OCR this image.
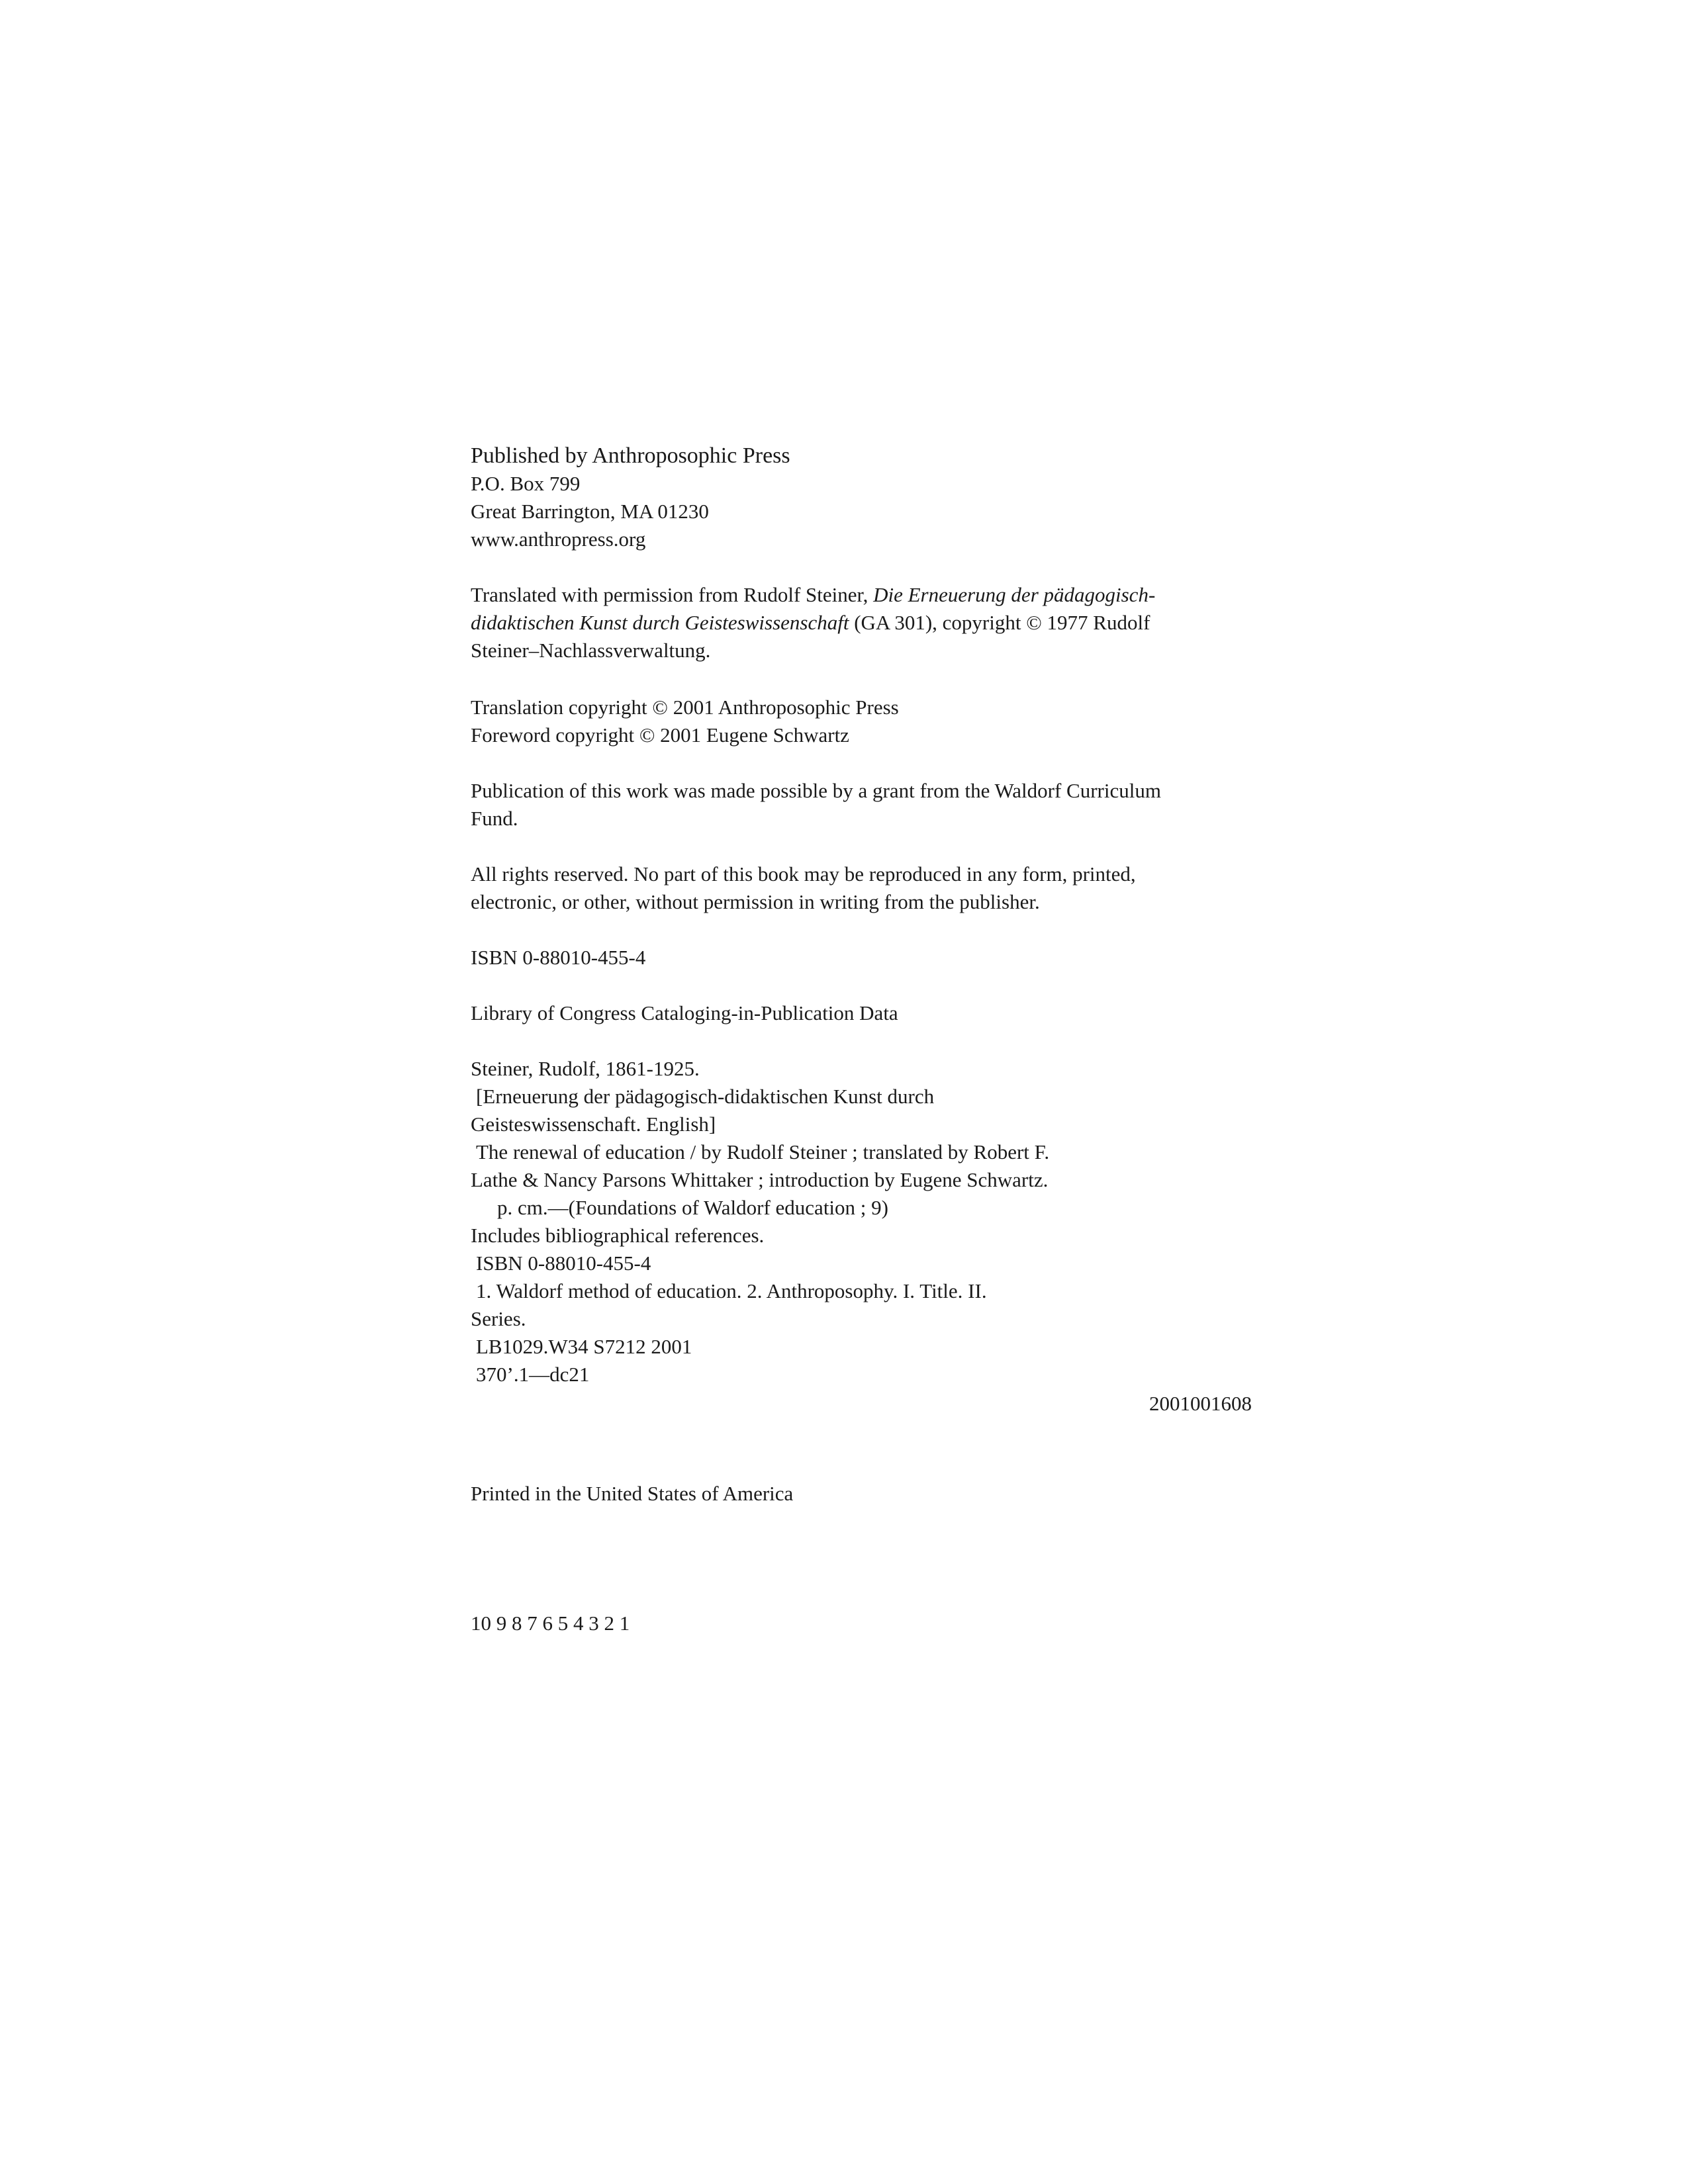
Published by Anthroposophic Press
P.O. Box 799
Great Barrington, MA 01230
www.anthropress.org
Translated with permission from Rudolf Steiner, Die Erneuerung der pädagogisch-
didaktischen Kunst durch Geisteswissenschaft (GA 301), copyright © 1977 Rudolf
Steiner–Nachlassverwaltung.
Translation copyright © 2001 Anthroposophic Press
Foreword copyright © 2001 Eugene Schwartz
Publication of this work was made possible by a grant from the Waldorf Curriculum
Fund.
All rights reserved. No part of this book may be reproduced in any form, printed,
electronic, or other, without permission in writing from the publisher.
ISBN 0-88010-455-4
Library of Congress Cataloging-in-Publication Data
Steiner, Rudolf, 1861-1925.
[Erneuerung der pädagogisch-didaktischen Kunst durch
Geisteswissenschaft. English]
The renewal of education / by Rudolf Steiner ; translated by Robert F.
Lathe & Nancy Parsons Whittaker ; introduction by Eugene Schwartz.
p. cm.—(Foundations of Waldorf education ; 9)
Includes bibliographical references.
ISBN 0-88010-455-4
1. Waldorf method of education. 2. Anthroposophy. I. Title. II.
Series.
LB1029.W34 S7212 2001
370’.1—dc21
2001001608
Printed in the United States of America
10 9 8 7 6 5 4 3 2 1
